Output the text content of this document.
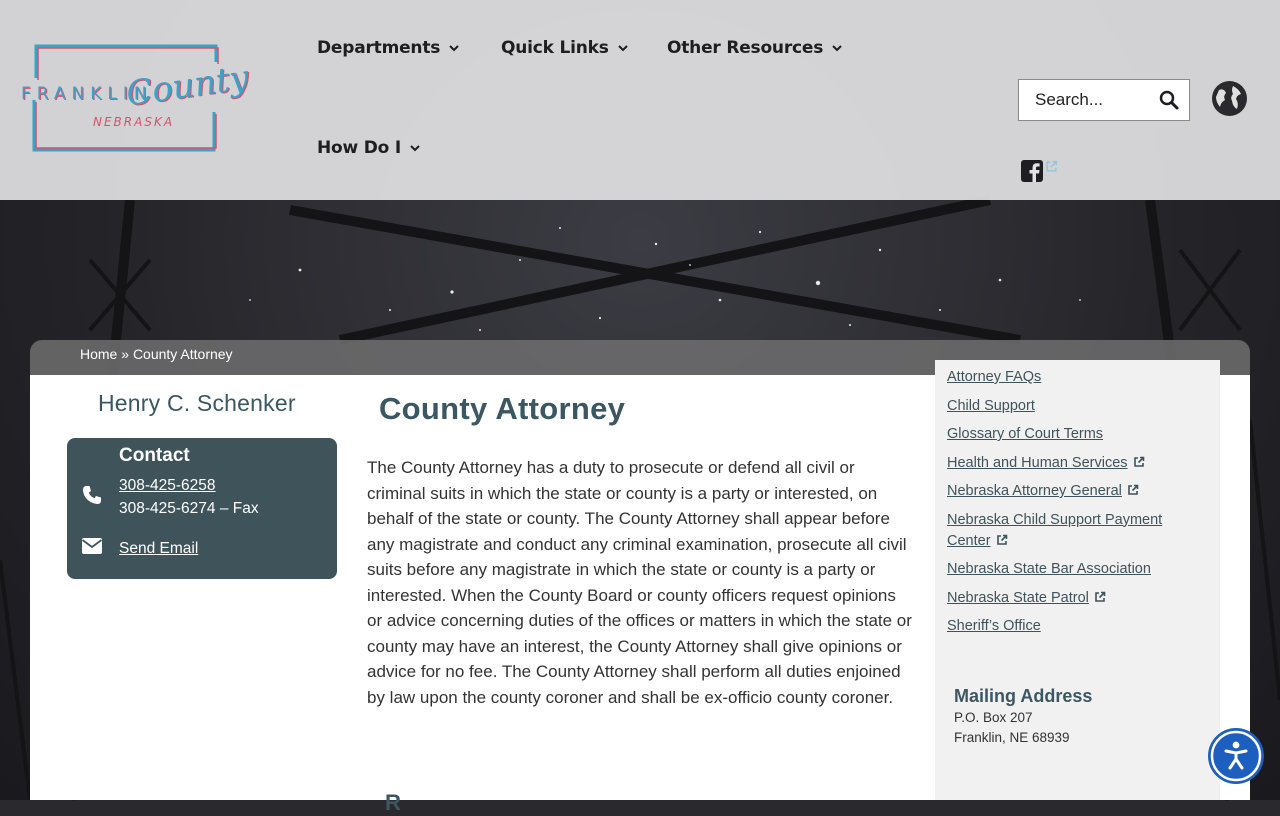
FRANKLIN
County
NEBRASKA
Departments	Quick Links	Other Resources
How Do I
Search...
Home » County Attorney
Henry C. Schenker
Contact
308-425-6258
308-425-6274 – Fax
Send Email
County Attorney

The County Attorney has a duty to prosecute or defend all civil or criminal suits in which the state or county is a party or interested, on behalf of the state or county. The County Attorney shall appear before any magistrate and conduct any criminal examination, prosecute all civil suits before any magistrate in which the state or county is a party or interested. When the County Board or county officers request opinions or advice concerning duties of the offices or matters in which the state or county may have an interest, the County Attorney shall give opinions or advice for no fee. The County Attorney shall perform all duties enjoined by law upon the county coroner and shall be ex-officio county coroner.

R
Attorney FAQs
Child Support
Glossary of Court Terms
Health and Human Services
Nebraska Attorney General
Nebraska Child Support Payment Center
Nebraska State Bar Association
Nebraska State Patrol
Sheriff’s Office
Mailing Address
P.O. Box 207
Franklin, NE 68939
